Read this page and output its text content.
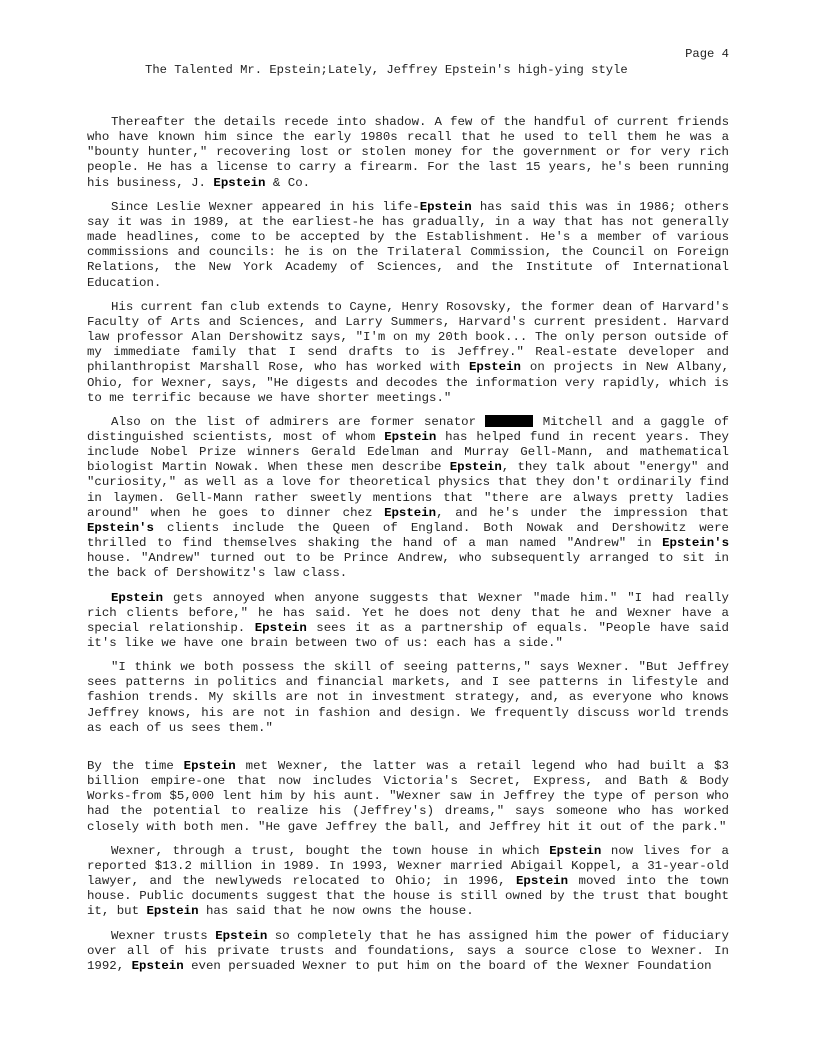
Page 4
The Talented Mr. Epstein;Lately, Jeffrey Epstein's high-ying style

Thereafter the details recede into shadow. A few of the handful of current friends who have known him since the early 1980s recall that he used to tell them he was a "bounty hunter," recovering lost or stolen money for the government or for very rich people. He has a license to carry a firearm. For the last 15 years, he's been running his business, J. Epstein & Co.

Since Leslie Wexner appeared in his life-Epstein has said this was in 1986; others say it was in 1989, at the earliest-he has gradually, in a way that has not generally made headlines, come to be accepted by the Establishment. He's a member of various commissions and councils: he is on the Trilateral Commission, the Council on Foreign Relations, the New York Academy of Sciences, and the Institute of International Education.

His current fan club extends to Cayne, Henry Rosovsky, the former dean of Harvard's Faculty of Arts and Sciences, and Larry Summers, Harvard's current president. Harvard law professor Alan Dershowitz says, "I'm on my 20th book... The only person outside of my immediate family that I send drafts to is Jeffrey." Real-estate developer and philanthropist Marshall Rose, who has worked with Epstein on projects in New Albany, Ohio, for Wexner, says, "He digests and decodes the information very rapidly, which is to me terrific because we have shorter meetings."

Also on the list of admirers are former senator	Mitchell and a gaggle of distinguished scientists, most of whom Epstein has helped fund in recent years. They include Nobel Prize winners Gerald Edelman and Murray Gell-Mann, and mathematical biologist Martin Nowak. When these men describe Epstein, they talk about "energy" and "curiosity," as well as a love for theoretical physics that they don't ordinarily find in laymen. Gell-Mann rather sweetly mentions that "there are always pretty ladies around" when he goes to dinner chez Epstein, and he's under the impression that Epstein's clients include the Queen of England. Both Nowak and Dershowitz were thrilled to find themselves shaking the hand of a man named "Andrew" in Epstein's house. "Andrew" turned out to be Prince Andrew, who subsequently arranged to sit in the back of Dershowitz's law class.

Epstein gets annoyed when anyone suggests that Wexner "made him." "I had really rich clients before," he has said. Yet he does not deny that he and Wexner have a special relationship. Epstein sees it as a partnership of equals. "People have said it's like we have one brain between two of us: each has a side."

"I think we both possess the skill of seeing patterns," says Wexner. "But Jeffrey sees patterns in politics and financial markets, and I see patterns in lifestyle and fashion trends. My skills are not in investment strategy, and, as everyone who knows Jeffrey knows, his are not in fashion and design. We frequently discuss world trends as each of us sees them."

By the time Epstein met Wexner, the latter was a retail legend who had built a $3 billion empire-one that now includes Victoria's Secret, Express, and Bath & Body Works-from $5,000 lent him by his aunt. "Wexner saw in Jeffrey the type of person who had the potential to realize his (Jeffrey's) dreams," says someone who has worked closely with both men. "He gave Jeffrey the ball, and Jeffrey hit it out of the park."

Wexner, through a trust, bought the town house in which Epstein now lives for a reported $13.2 million in 1989. In 1993, Wexner married Abigail Koppel, a 31-year-old lawyer, and the newlyweds relocated to Ohio; in 1996, Epstein moved into the town house. Public documents suggest that the house is still owned by the trust that bought it, but Epstein has said that he now owns the house.

Wexner trusts Epstein so completely that he has assigned him the power of fiduciary over all of his private trusts and foundations, says a source close to Wexner. In 1992, Epstein even persuaded Wexner to put him on the board of the Wexner Foundation
